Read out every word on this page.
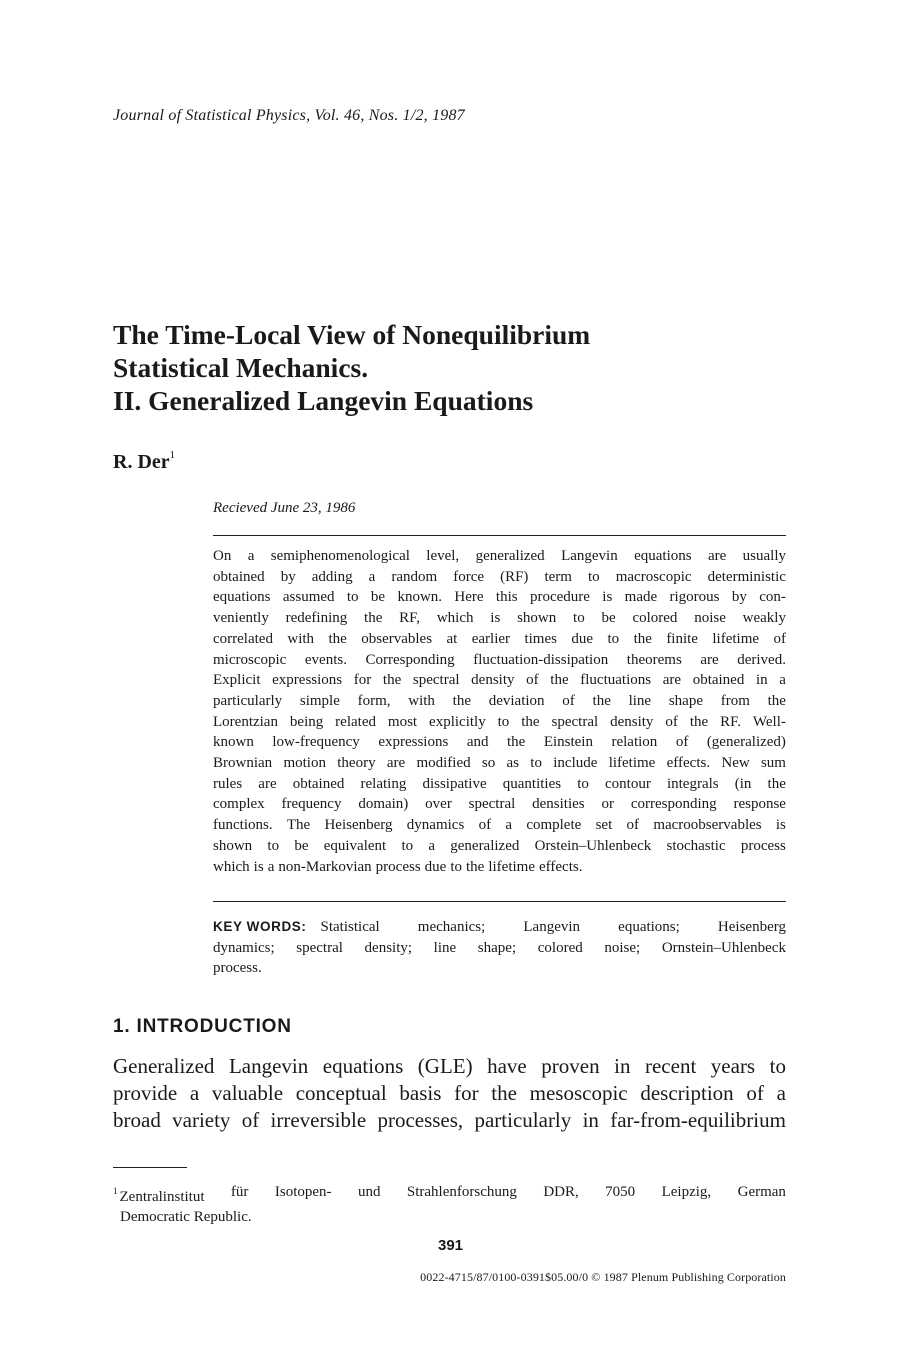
Journal of Statistical Physics, Vol. 46, Nos. 1/2, 1987
The Time-Local View of Nonequilibrium
Statistical Mechanics.
II. Generalized Langevin Equations
R. Der$^1$
Recieved June 23, 1986
On a semiphenomenological level, generalized Langevin equations are usually
obtained by adding a random force (RF) term to macroscopic deterministic
equations assumed to be known. Here this procedure is made rigorous by con-
veniently redefining the RF, which is shown to be colored noise weakly
correlated with the observables at earlier times due to the finite lifetime of
microscopic events. Corresponding fluctuation-dissipation theorems are derived.
Explicit expressions for the spectral density of the fluctuations are obtained in a
particularly simple form, with the deviation of the line shape from the
Lorentzian being related most explicitly to the spectral density of the RF. Well-
known low-frequency expressions and the Einstein relation of (generalized)
Brownian motion theory are modified so as to include lifetime effects. New sum
rules are obtained relating dissipative quantities to contour integrals (in the
complex frequency domain) over spectral densities or corresponding response
functions. The Heisenberg dynamics of a complete set of macroobservables is
shown to be equivalent to a generalized Orstein–Uhlenbeck stochastic process
which is a non-Markovian process due to the lifetime effects.
KEY WORDS: Statistical	mechanics;	Langevin	equations;	Heisenberg
dynamics; spectral density; line shape; colored noise; Ornstein–Uhlenbeck
process.
1. INTRODUCTION
Generalized Langevin equations (GLE) have proven in recent years to
provide a valuable conceptual basis for the mesoscopic description of a
broad variety of irreversible processes, particularly in far-from-equilibrium
$^1$ Zentralinstitut für Isotopen- und Strahlenforschung DDR, 7050 Leipzig, German
Democratic Republic.
391
0022-4715/87/0100-0391$05.00/0 © 1987 Plenum Publishing Corporation
